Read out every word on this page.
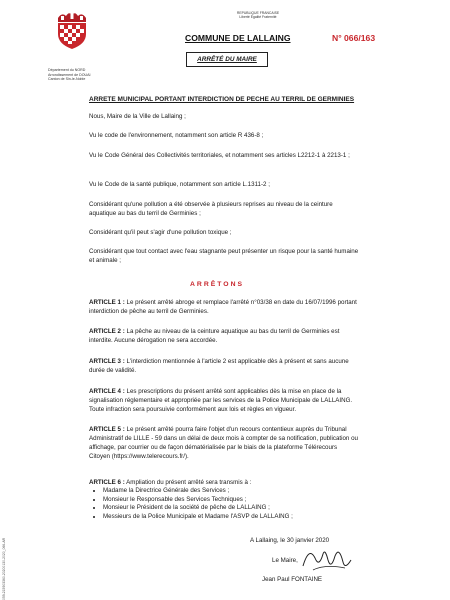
Département du NORD
Arrondissement de DOUAI
Canton de Sin-le-Noble
REPUBLIQUE FRANCAISE
Liberté Égalité Fraternité
COMMUNE DE LALLAING	N° 066/163
ARRÊTÉ DU MAIRE
ARRETE MUNICIPAL PORTANT INTERDICTION DE PECHE AU TERRIL DE GERMINIES
Nous, Maire de la Ville de Lallaing ;
Vu le code de l'environnement, notamment son article R 436-8 ;
Vu le Code Général des Collectivités territoriales, et notamment ses articles L2212-1 à 2213-1 ;
Vu le Code de la santé publique, notamment son article L.1311-2 ;
Considérant qu'une pollution a été observée à plusieurs reprises au niveau de la ceinture aquatique au bas du terril de Germinies ;
Considérant qu'il peut s'agir d'une pollution toxique ;
Considérant que tout contact avec l'eau stagnante peut présenter un risque pour la santé humaine et animale ;
ARRÊTONS
ARTICLE 1 : Le présent arrêté abroge et remplace l'arrêté n°03/38 en date du 16/07/1996 portant interdiction de pêche au terril de Germinies.
ARTICLE 2 : La pêche au niveau de la ceinture aquatique au bas du terril de Germinies est interdite. Aucune dérogation ne sera accordée.
ARTICLE 3 : L'interdiction mentionnée à l'article 2 est applicable dès à présent et sans aucune durée de validité.
ARTICLE 4 : Les prescriptions du présent arrêté sont applicables dès la mise en place de la signalisation réglementaire et appropriée par les services de la Police Municipale de LALLAING. Toute infraction sera poursuivie conformément aux lois et règles en vigueur.
ARTICLE 5 : Le présent arrêté pourra faire l'objet d'un recours contentieux auprès du Tribunal Administratif de LILLE - 59 dans un délai de deux mois à compter de sa notification, publication ou affichage, par courrier ou de façon dématérialisée par le biais de la plateforme Télérecours Citoyen (https://www.telerecours.fr/).
ARTICLE 6 : Ampliation du présent arrêté sera transmis à :
• Madame la Directrice Générale des Services ;
• Monsieur le Responsable des Services Techniques ;
• Monsieur le Président de la société de pêche de LALLAING ;
• Messieurs de la Police Municipale et Madame l'ASVP de LALLAING ;
A Lallaing, le 30 janvier 2020
Le Maire,
Jean Paul FONTAINE
059-215903360-20200130-2020_066-AR
